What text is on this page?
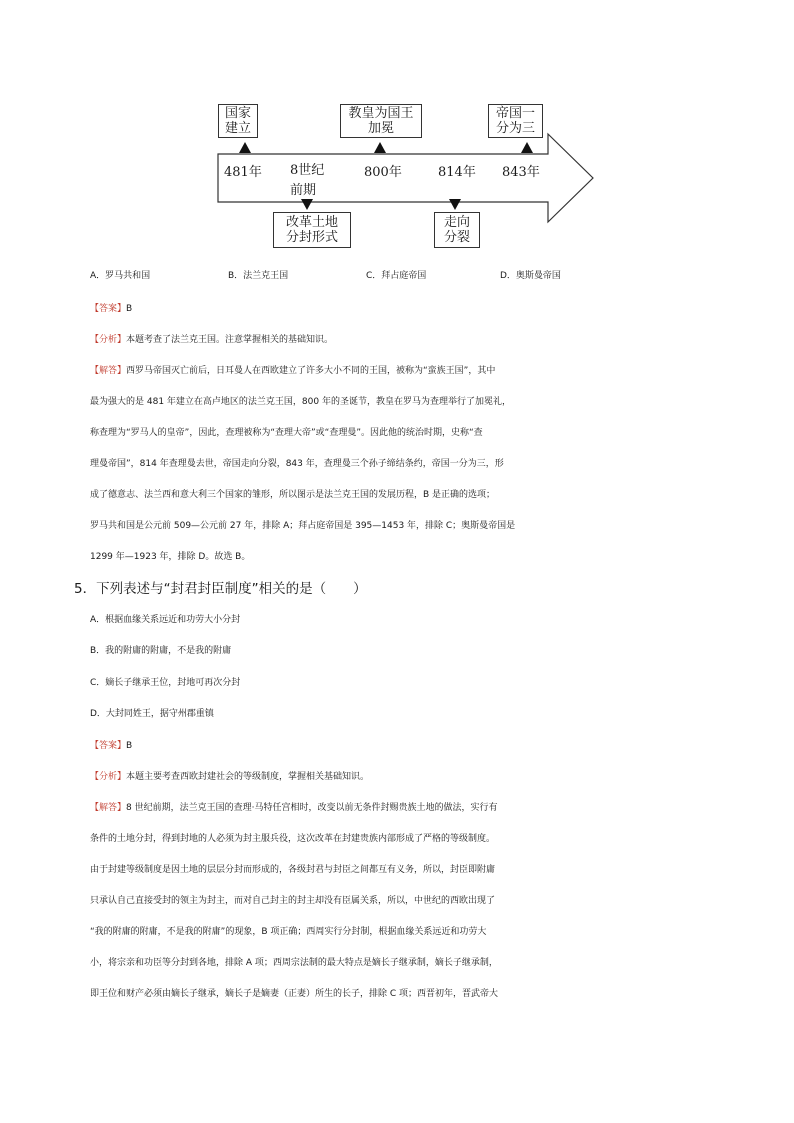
国家建立
教皇为国王加冕
帝国一分为三
481年 8世纪前期
800年	814年 843年
改革土地分封形式
走向分裂
A．罗马共和国	B．法兰克王国	C．拜占庭帝国	D．奥斯曼帝国
【答案】B
【分析】本题考查了法兰克王国。注意掌握相关的基础知识。
【解答】西罗马帝国灭亡前后，日耳曼人在西欧建立了许多大小不同的王国，被称为“蛮族王国”，其中
最为强大的是 481 年建立在高卢地区的法兰克王国，800 年的圣诞节，教皇在罗马为查理举行了加冕礼，
称查理为“罗马人的皇帝”，因此，查理被称为“查理大帝”或“查理曼”。因此他的统治时期，史称“查
理曼帝国”，814 年查理曼去世，帝国走向分裂，843 年，查理曼三个孙子缔结条约，帝国一分为三，形
成了德意志、法兰西和意大利三个国家的雏形，所以图示是法兰克王国的发展历程，B 是正确的选项；
罗马共和国是公元前 509—公元前 27 年，排除 A；拜占庭帝国是 395—1453 年，排除 C；奥斯曼帝国是
1299 年—1923 年，排除 D。故选 B。
5．下列表述与“封君封臣制度”相关的是（　　）
A．根据血缘关系远近和功劳大小分封
B．我的附庸的附庸，不是我的附庸
C．嫡长子继承王位，封地可再次分封
D．大封同姓王，据守州郡重镇
【答案】B
【分析】本题主要考查西欧封建社会的等级制度，掌握相关基础知识。
【解答】8 世纪前期，法兰克王国的查理·马特任宫相时，改变以前无条件封赐贵族土地的做法，实行有
条件的土地分封，得到封地的人必须为封主服兵役，这次改革在封建贵族内部形成了严格的等级制度。
由于封建等级制度是因土地的层层分封而形成的，各级封君与封臣之间都互有义务，所以，封臣即附庸
只承认自己直接受封的领主为封主，而对自己封主的封主却没有臣属关系，所以，中世纪的西欧出现了
“我的附庸的附庸，不是我的附庸”的现象，B 项正确；西周实行分封制，根据血缘关系远近和功劳大
小，将宗亲和功臣等分封到各地，排除 A 项；西周宗法制的最大特点是嫡长子继承制，嫡长子继承制，
即王位和财产必须由嫡长子继承，嫡长子是嫡妻（正妻）所生的长子，排除 C 项；西晋初年，晋武帝大
